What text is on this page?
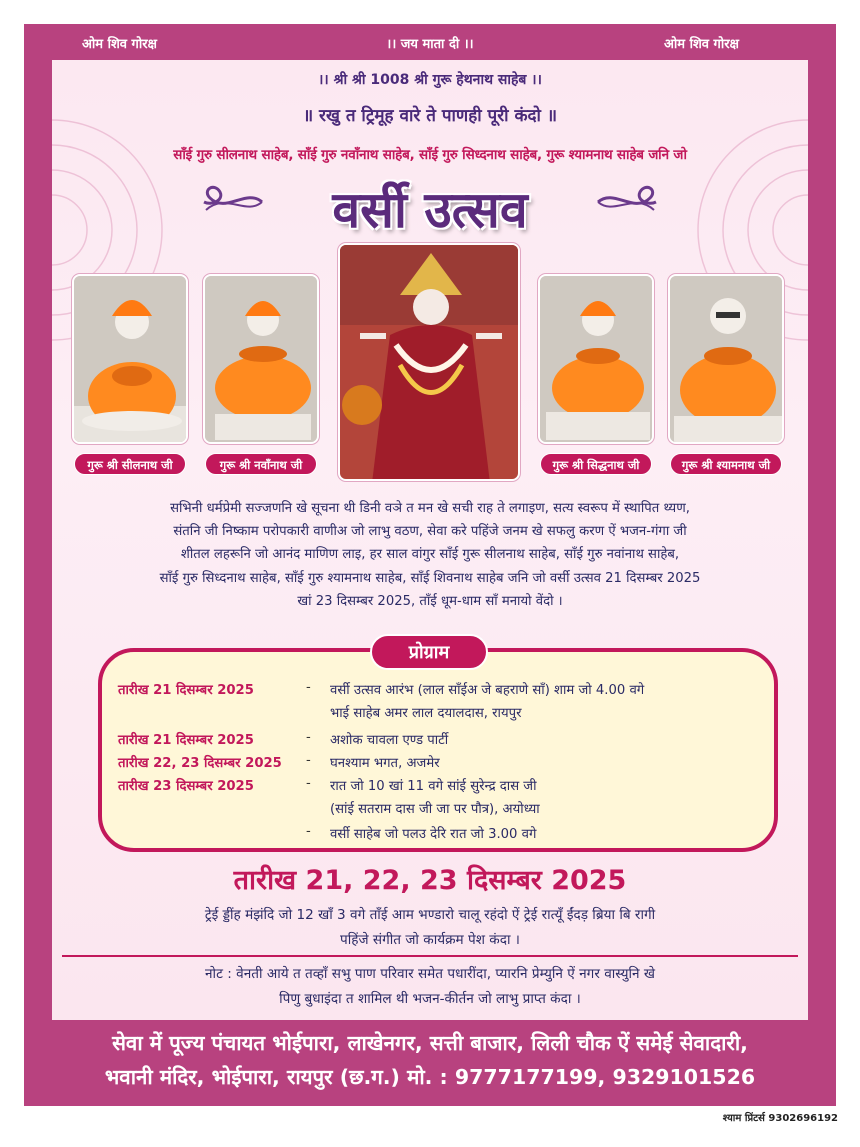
ओम शिव गोरक्ष	।। जय माता दी ।।	ओम शिव गोरक्ष
।। श्री श्री 1008 श्री गुरू हेथनाथ साहेब ।।
॥ रखु त ट्रिमूह वारे ते पाणही पूरी कंदो ॥
साँई गुरु सीलनाथ साहेब, साँई गुरु नवाँनाथ साहेब, साँई गुरु सिध्दनाथ साहेब, गुरू श्यामनाथ साहेब जनि जो
वर्सी उत्सव
गुरू श्री सीलनाथ जी	गुरू श्री नवाँनाथ जी	गुरू श्री सिद्धनाथ जी	गुरू श्री श्यामनाथ जी
सभिनी धर्मप्रेमी सज्जणनि खे सूचना थी डिनी वञे त मन खे सची राह ते लगाइण, सत्य स्वरूप में स्थापित थ्यण,
संतनि जी निष्काम परोपकारी वाणीअ जो लाभु वठण, सेवा करे पहिंजे जनम खे सफलु करण ऐं भजन-गंगा जी
शीतल लहरूनि जो आनंद माणिण लाइ, हर साल वांगुर साँई गुरू सीलनाथ साहेब, साँई गुरु नवांनाथ साहेब,
साँई गुरु सिध्दनाथ साहेब, साँई गुरु श्यामनाथ साहेब, साँई शिवनाथ साहेब जनि जो वर्सी उत्सव 21 दिसम्बर 2025
खां 23 दिसम्बर 2025, ताँई धूम-धाम साँ मनायो वेंदो ।
प्रोग्राम
तारीख 21 दिसम्बर 2025	- वर्सी उत्सव आरंभ (लाल साँईअ जे बहराणे साँ) शाम जो 4.00 वगे
भाई साहेब अमर लाल दयालदास, रायपुर
तारीख 21 दिसम्बर 2025	- अशोक चावला एण्ड पार्टी
तारीख 22, 23 दिसम्बर 2025 - घनश्याम भगत, अजमेर
तारीख 23 दिसम्बर 2025	- रात जो 10 खां 11 वगे सांई सुरेन्द्र दास जी
(सांई सतराम दास जी जा पर पौत्र), अयोध्या
- वर्सी साहेब जो पलउ देरि रात जो 3.00 वगे
तारीख 21, 22, 23 दिसम्बर 2025
ट्रेई ड्डींह मंझंदि जो 12 खाँ 3 वगे ताँई आम भण्डारो चालू रहंदो ऐं ट्रेई रात्यूँ ईंदड़ ब्रिया बि रागी
पहिंजे संगीत जो कार्यक्रम पेश कंदा ।
नोट : वेनती आये त तव्हाँ सभु पाण परिवार समेत पधारींदा, प्यारनि प्रेम्युनि ऐं नगर वास्युनि खे
पिणु बुधाइंदा त शामिल थी भजन-कीर्तन जो लाभु प्राप्त कंदा ।
सेवा में पूज्य पंचायत भोईपारा, लाखेनगर, सत्ती बाजार, लिली चौक ऐं समेई सेवादारी,
भवानी मंदिर, भोईपारा, रायपुर (छ.ग.) मो. : 9777177199, 9329101526
श्याम प्रिंटर्स 9302696192
